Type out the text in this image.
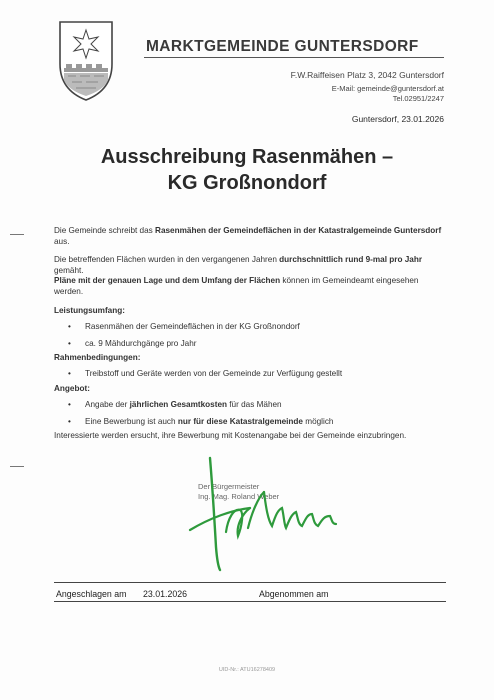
MARKTGEMEINDE GUNTERSDORF
F.W.Raiffeisen Platz 3, 2042 Guntersdorf
E-Mail: gemeinde@guntersdorf.at
Tel.02951/2247
Guntersdorf, 23.01.2026
Ausschreibung Rasenmähen –
KG Großnondorf

Die Gemeinde schreibt das Rasenmähen der Gemeindeflächen in der Katastralgemeinde Guntersdorf aus.

Die betreffenden Flächen wurden in den vergangenen Jahren durchschnittlich rund 9-mal pro Jahr gemäht.

Pläne mit der genauen Lage und dem Umfang der Flächen können im Gemeindeamt eingesehen werden.

Leistungsumfang:
• Rasenmähen der Gemeindeflächen in der KG Großnondorf
• ca. 9 Mähdurchgänge pro Jahr
Rahmenbedingungen:
• Treibstoff und Geräte werden von der Gemeinde zur Verfügung gestellt
Angebot:
• Angabe der jährlichen Gesamtkosten für das Mähen
• Eine Bewerbung ist auch nur für diese Katastralgemeinde möglich
Interessierte werden ersucht, ihre Bewerbung mit Kostenangabe bei der Gemeinde einzubringen.
Der Bürgermeister
Ing. Mag. Roland Weber
Angeschlagen am 23.01.2026	Abgenommen am
UID-Nr.: ATU16278409
